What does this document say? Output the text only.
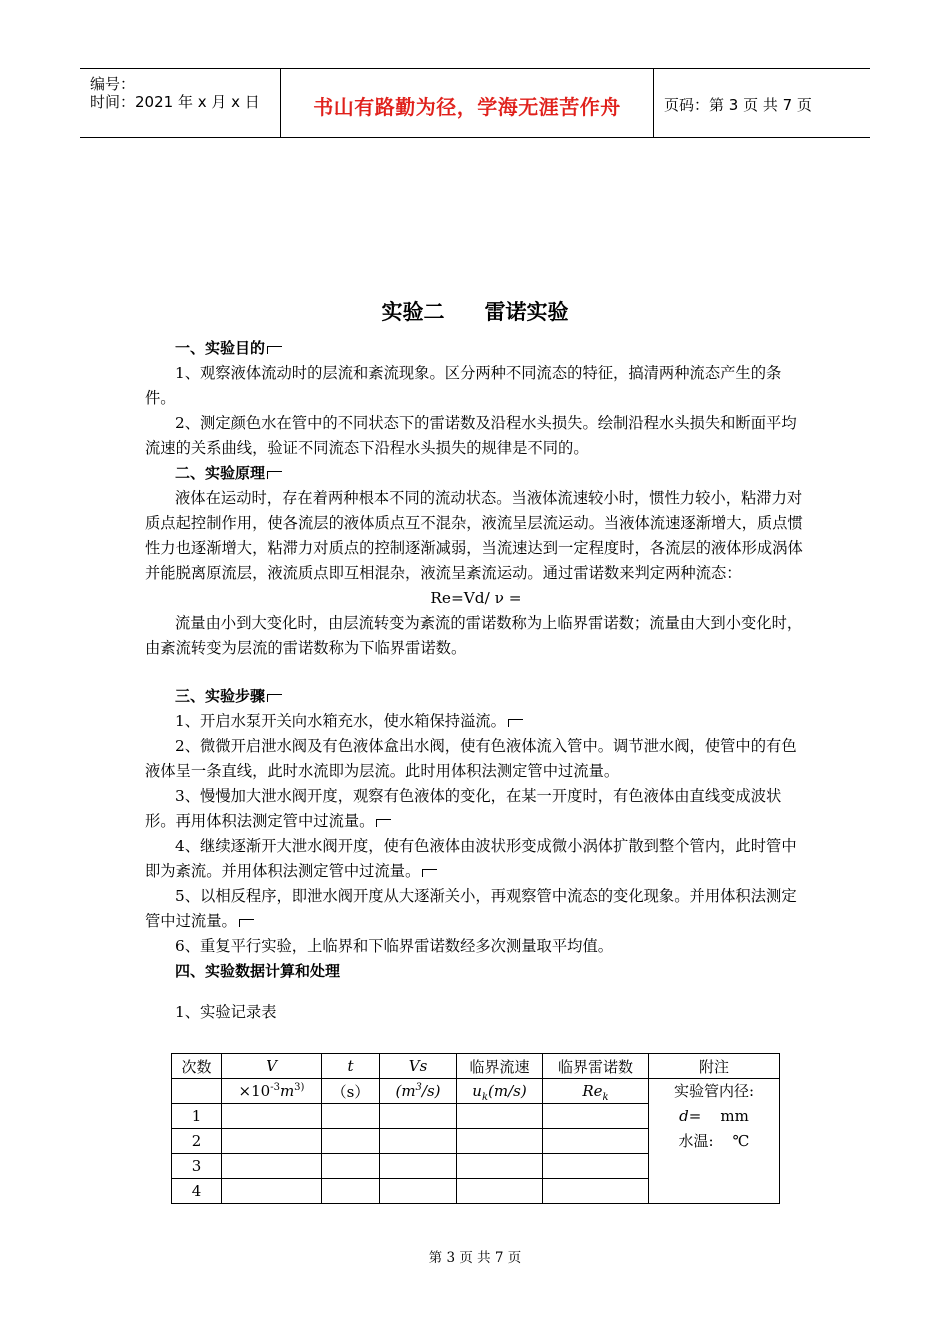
编号：
时间：2021 年 x 月 x 日	书山有路勤为径，学海无涯苦作舟	页码：第 3 页 共 7 页
实验二 雷诺实验

一、实验目的

1、观察液体流动时的层流和紊流现象。区分两种不同流态的特征，搞清两种流态产生的条件。

2、测定颜色水在管中的不同状态下的雷诺数及沿程水头损失。绘制沿程水头损失和断面平均流速的关系曲线，验证不同流态下沿程水头损失的规律是不同的。

二、实验原理

液体在运动时，存在着两种根本不同的流动状态。当液体流速较小时，惯性力较小，粘滞力对质点起控制作用，使各流层的液体质点互不混杂，液流呈层流运动。当液体流速逐渐增大，质点惯性力也逐渐增大，粘滞力对质点的控制逐渐减弱，当流速达到一定程度时，各流层的液体形成涡体并能脱离原流层，液流质点即互相混杂，液流呈紊流运动。通过雷诺数来判定两种流态：

Re=Vd/ ν =

流量由小到大变化时，由层流转变为紊流的雷诺数称为上临界雷诺数；流量由大到小变化时，由紊流转变为层流的雷诺数称为下临界雷诺数。

三、实验步骤

1、开启水泵开关向水箱充水，使水箱保持溢流。

2、微微开启泄水阀及有色液体盒出水阀，使有色液体流入管中。调节泄水阀，使管中的有色液体呈一条直线，此时水流即为层流。此时用体积法测定管中过流量。

3、慢慢加大泄水阀开度，观察有色液体的变化，在某一开度时，有色液体由直线变成波状形。再用体积法测定管中过流量。

4、继续逐渐开大泄水阀开度，使有色液体由波状形变成微小涡体扩散到整个管内，此时管中即为紊流。并用体积法测定管中过流量。

5、以相反程序，即泄水阀开度从大逐渐关小，再观察管中流态的变化现象。并用体积法测定管中过流量。

6、重复平行实验，上临界和下临界雷诺数经多次测量取平均值。

四、实验数据计算和处理

1、实验记录表

次数	V	t	Vs	临界流速	临界雷诺数	附注
	$\times 10^{-3}m^{3)}$	（s）	$(m^3/s)$	$u_k(m/s)$	$Re_k$	实验管内径:
d= mm
水温: ℃

1						
2						
3						
4						
第 3 页 共 7 页
